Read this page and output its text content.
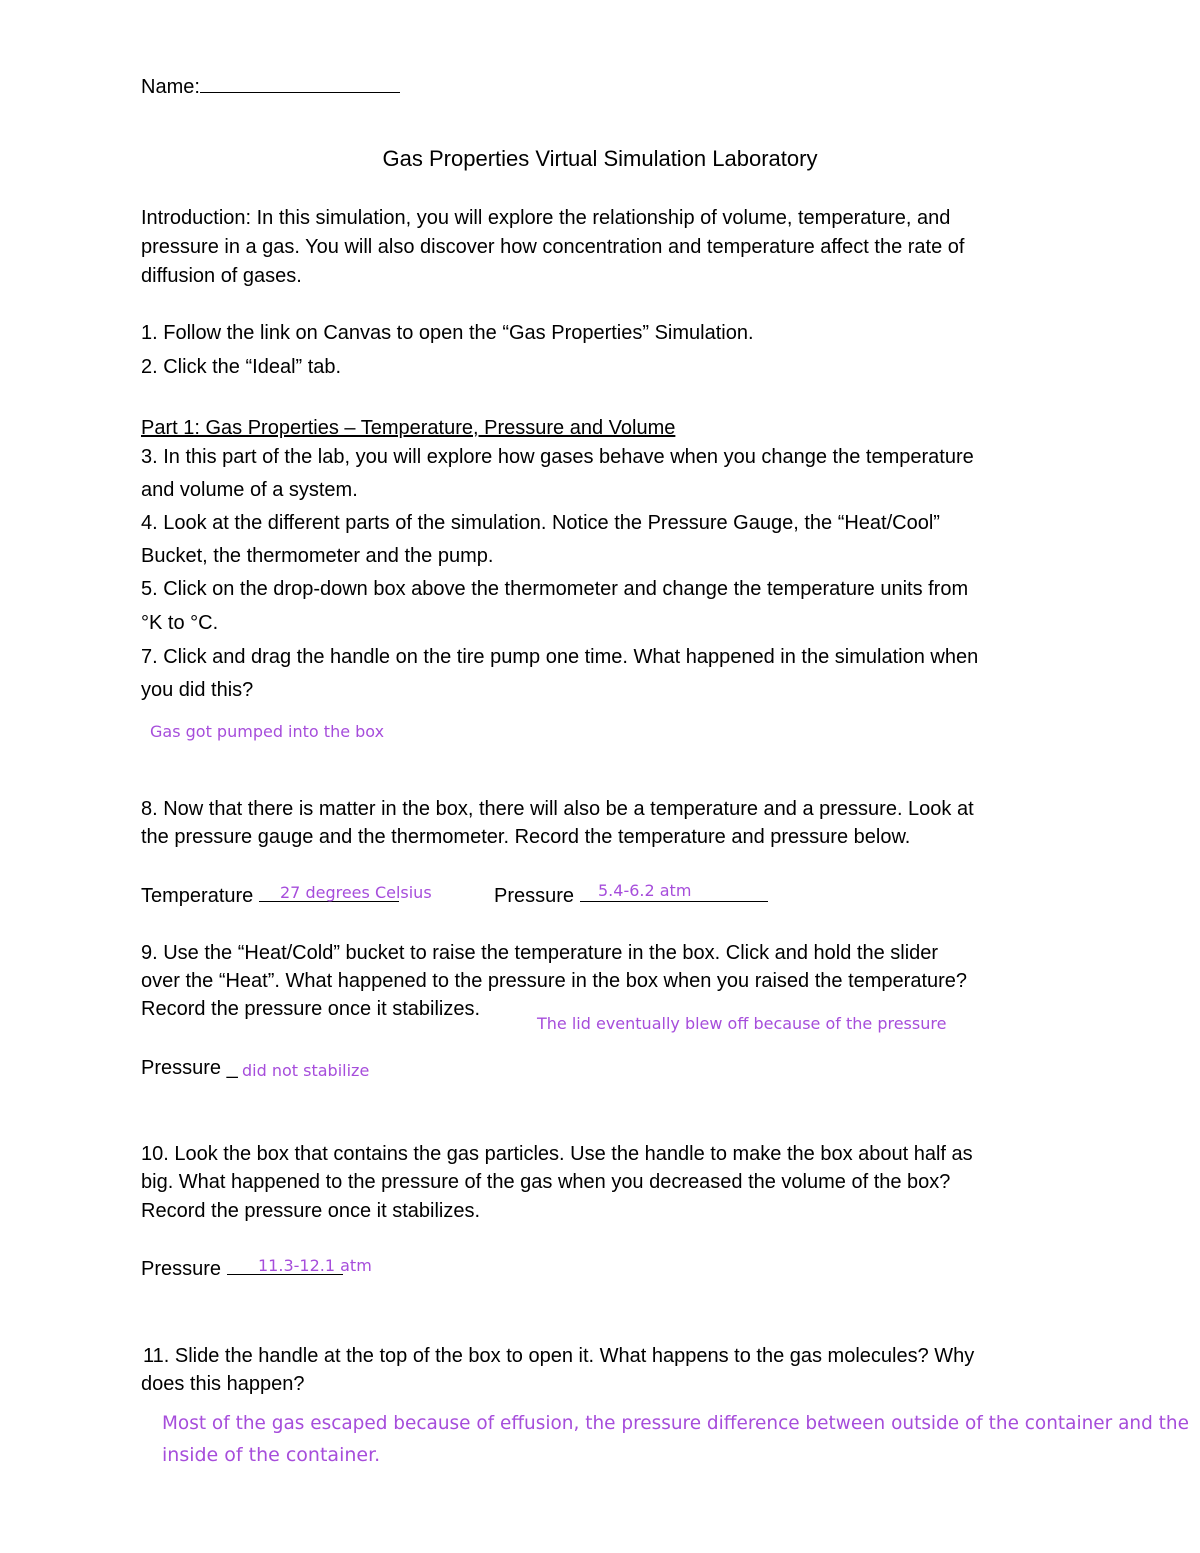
Name:
Gas Properties Virtual Simulation Laboratory
Introduction: In this simulation, you will explore the relationship of volume, temperature, and
pressure in a gas. You will also discover how concentration and temperature affect the rate of
diffusion of gases.
1. Follow the link on Canvas to open the “Gas Properties” Simulation.
2. Click the “Ideal” tab.
Part 1: Gas Properties – Temperature, Pressure and Volume
3. In this part of the lab, you will explore how gases behave when you change the temperature
and volume of a system.
4. Look at the different parts of the simulation. Notice the Pressure Gauge, the “Heat/Cool”
Bucket, the thermometer and the pump.
5. Click on the drop-down box above the thermometer and change the temperature units from
°K to °C.
7. Click and drag the handle on the tire pump one time. What happened in the simulation when
you did this?
Gas got pumped into the box
8. Now that there is matter in the box, there will also be a temperature and a pressure. Look at
the pressure gauge and the thermometer. Record the temperature and pressure below.
Temperature	27 degrees Celsius	Pressure	5.4-6.2 atm
9. Use the “Heat/Cold” bucket to raise the temperature in the box. Click and hold the slider
over the “Heat”. What happened to the pressure in the box when you raised the temperature?
Record the pressure once it stabilizes.
The lid eventually blew off because of the pressure
Pressure _ did not stabilize
10. Look the box that contains the gas particles. Use the handle to make the box about half as
big. What happened to the pressure of the gas when you decreased the volume of the box?
Record the pressure once it stabilizes.
Pressure	11.3-12.1 atm
11. Slide the handle at the top of the box to open it. What happens to the gas molecules? Why
does this happen?
Most of the gas escaped because of effusion, the pressure difference between outside of the container and the
inside of the container.
